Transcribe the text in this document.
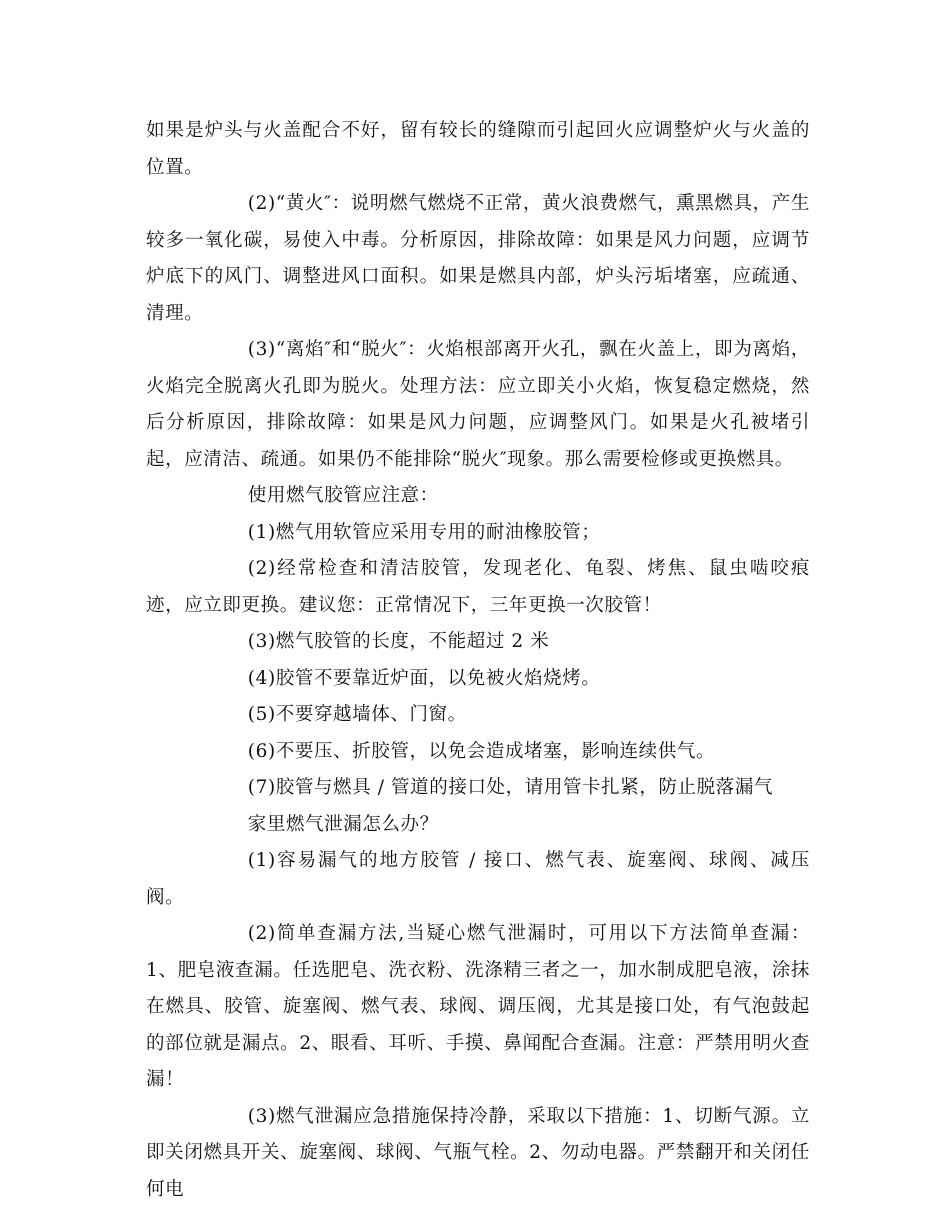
如果是炉头与火盖配合不好，留有较长的缝隙而引起回火应调整炉火与火盖的位置。

(2)“黄火″：说明燃气燃烧不正常，黄火浪费燃气，熏黑燃具，产生较多一氧化碳，易使入中毒。分析原因，排除故障：如果是风力问题，应调节炉底下的风门、调整进风口面积。如果是燃具内部，炉头污垢堵塞，应疏通、清理。

(3)“离焰″和“脱火″：火焰根部离开火孔，飘在火盖上，即为离焰，火焰完全脱离火孔即为脱火。处理方法：应立即关小火焰，恢复稳定燃烧，然后分析原因，排除故障：如果是风力问题，应调整风门。如果是火孔被堵引起，应清洁、疏通。如果仍不能排除“脱火″现象。那么需要检修或更换燃具。

使用燃气胶管应注意：

(1)燃气用软管应采用专用的耐油橡胶管；

(2)经常检查和清洁胶管，发现老化、龟裂、烤焦、鼠虫啮咬痕迹，应立即更换。建议您：正常情况下，三年更换一次胶管！

(3)燃气胶管的长度，不能超过 2 米

(4)胶管不要靠近炉面，以免被火焰烧烤。

(5)不要穿越墙体、门窗。

(6)不要压、折胶管，以免会造成堵塞，影响连续供气。

(7)胶管与燃具 / 管道的接口处，请用管卡扎紧，防止脱落漏气

家里燃气泄漏怎么办？

(1)容易漏气的地方胶管 / 接口、燃气表、旋塞阀、球阀、减压阀。

(2)简单查漏方法,当疑心燃气泄漏时，可用以下方法简单查漏：1、肥皂液查漏。任选肥皂、洗衣粉、洗涤精三者之一，加水制成肥皂液，涂抹在燃具、胶管、旋塞阀、燃气表、球阀、调压阀，尤其是接口处，有气泡鼓起的部位就是漏点。2、眼看、耳听、手摸、鼻闻配合查漏。注意：严禁用明火查漏！

(3)燃气泄漏应急措施保持冷静，采取以下措施：1、切断气源。立即关闭燃具开关、旋塞阀、球阀、气瓶气栓。2、勿动电器。严禁翻开和关闭任何电
